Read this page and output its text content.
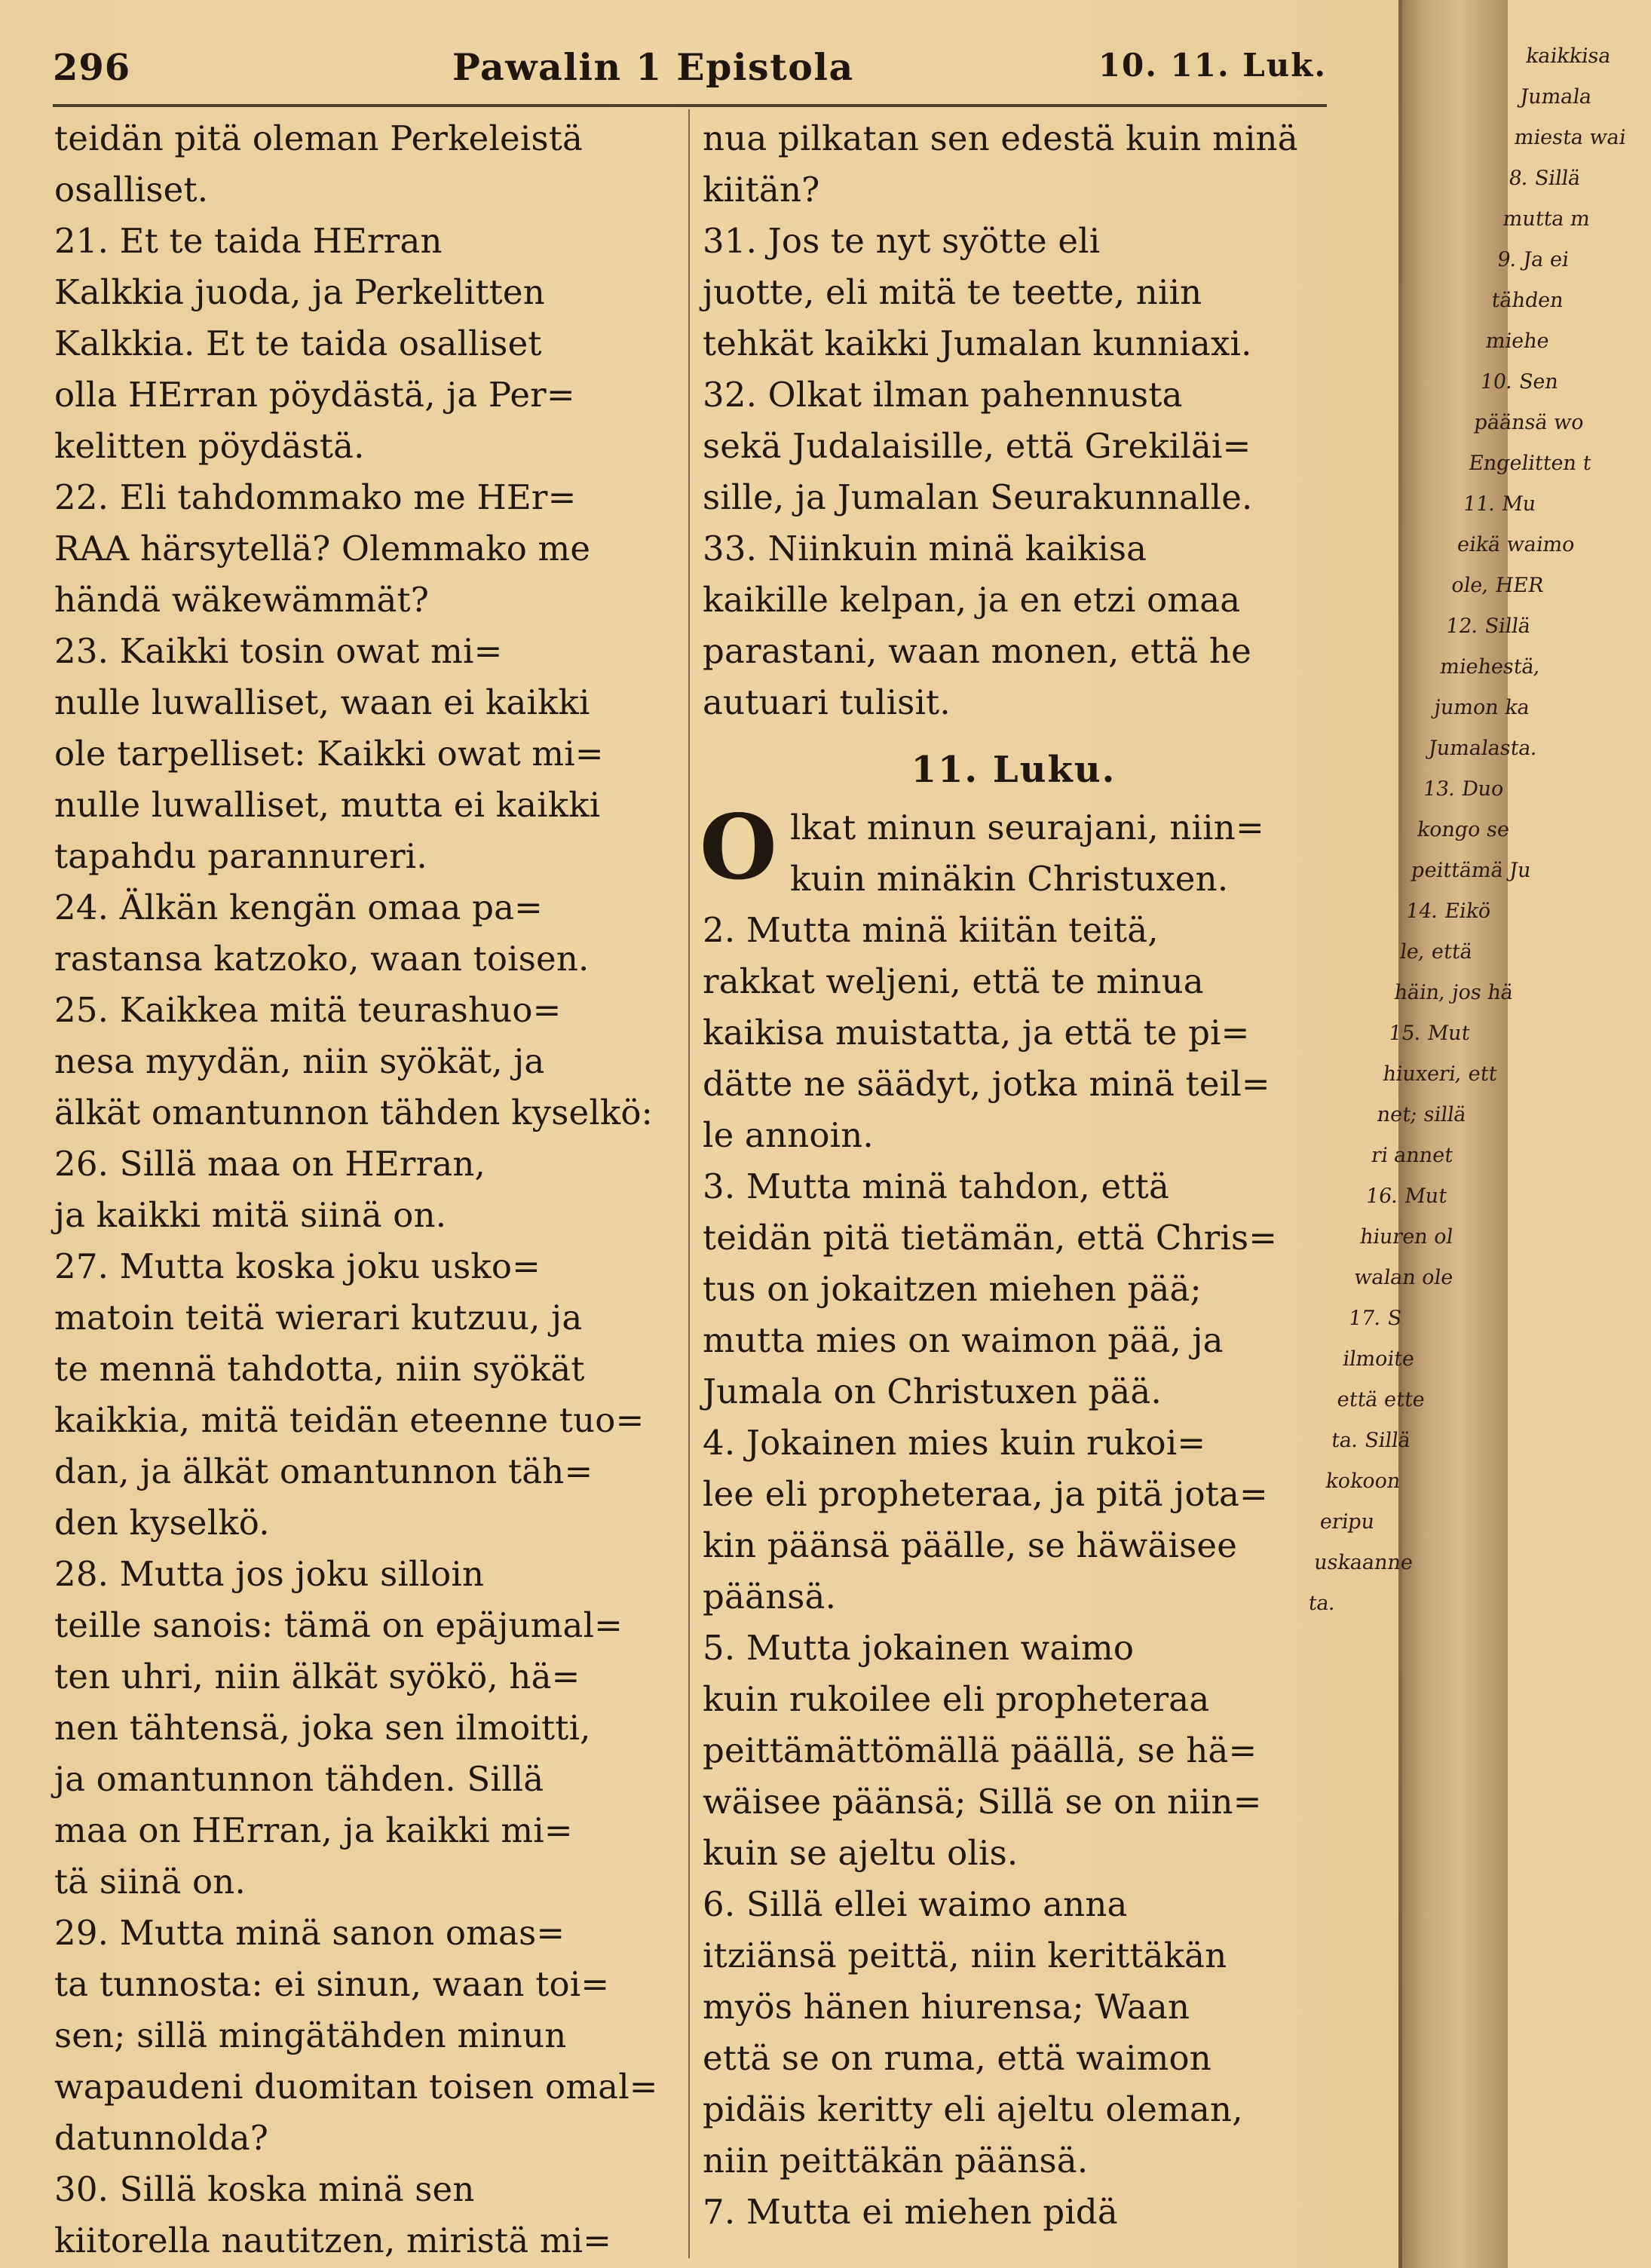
296	Pawalin 1 Epistola	10. 11. Luk.
teidän pitä oleman Perkeleistä
osalliset.
21. Et te taida HErran
Kalkkia juoda, ja Perkelitten
Kalkkia. Et te taida osalliset
olla HErran pöydästä, ja Per=
kelitten pöydästä.
22. Eli tahdommako me HEr=
RAA härsytellä? Olemmako me
händä wäkewämmät?
23. Kaikki tosin owat mi=
nulle luwalliset, waan ei kaikki
ole tarpelliset: Kaikki owat mi=
nulle luwalliset, mutta ei kaikki
tapahdu parannureri.
24. Älkän kengän omaa pa=
rastansa katzoko, waan toisen.
25. Kaikkea mitä teurashuo=
nesa myydän, niin syökät, ja
älkät omantunnon tähden kyselkö:
26. Sillä maa on HErran,
ja kaikki mitä siinä on.
27. Mutta koska joku usko=
matoin teitä wierari kutzuu, ja
te mennä tahdotta, niin syökät
kaikkia, mitä teidän eteenne tuo=
dan, ja älkät omantunnon täh=
den kyselkö.
28. Mutta jos joku silloin
teille sanois: tämä on epäjumal=
ten uhri, niin älkät syökö, hä=
nen tähtensä, joka sen ilmoitti,
ja omantunnon tähden. Sillä
maa on HErran, ja kaikki mi=
tä siinä on.
29. Mutta minä sanon omas=
ta tunnosta: ei sinun, waan toi=
sen; sillä mingätähden minun
wapaudeni duomitan toisen omal=
datunnolda?
30. Sillä koska minä sen
kiitorella nautitzen, miristä mi=
nua pilkatan sen edestä kuin minä
kiitän?
31. Jos te nyt syötte eli
juotte, eli mitä te teette, niin
tehkät kaikki Jumalan kunniaxi.
32. Olkat ilman pahennusta
sekä Judalaisille, että Grekiläi=
sille, ja Jumalan Seurakunnalle.
33. Niinkuin minä kaikisa
kaikille kelpan, ja en etzi omaa
parastani, waan monen, että he
autuari tulisit.
11. Luku.
O lkat minun seurajani, niin=
kuin minäkin Christuxen.
2. Mutta minä kiitän teitä,
rakkat weljeni, että te minua
kaikisa muistatta, ja että te pi=
dätte ne säädyt, jotka minä teil=
le annoin.
3. Mutta minä tahdon, että
teidän pitä tietämän, että Chris=
tus on jokaitzen miehen pää;
mutta mies on waimon pää, ja
Jumala on Christuxen pää.
4. Jokainen mies kuin rukoi=
lee eli propheteraa, ja pitä jota=
kin päänsä päälle, se häwäisee
päänsä.
5. Mutta jokainen waimo
kuin rukoilee eli propheteraa
peittämättömällä päällä, se hä=
wäisee päänsä; Sillä se on niin=
kuin se ajeltu olis.
6. Sillä ellei waimo anna
itziänsä peittä, niin kerittäkän
myös hänen hiurensa; Waan
että se on ruma, että waimon
pidäis keritty eli ajeltu oleman,
niin peittäkän päänsä.
7. Mutta ei miehen pidä
kaikkisa
Jumala
miesta wai
8. Sillä
mutta m
9. Ja ei
tähden
miehe
10. Sen
päänsä wo
Engelitten t
11. Mu
eikä waimo
ole, HER
12. Sillä
miehestä,
jumon ka
Jumalasta.
13. Duo
kongo se
peittämä Ju
14. Eikö
le, että
häin, jos hä
15. Mut
hiuxeri, ett
net; sillä
ri annet
16. Mut
hiuren ol
walan ole
17. S
ilmoite
että ette
ta. Sillä
kokoon
eripu
uskaanne
ta.
